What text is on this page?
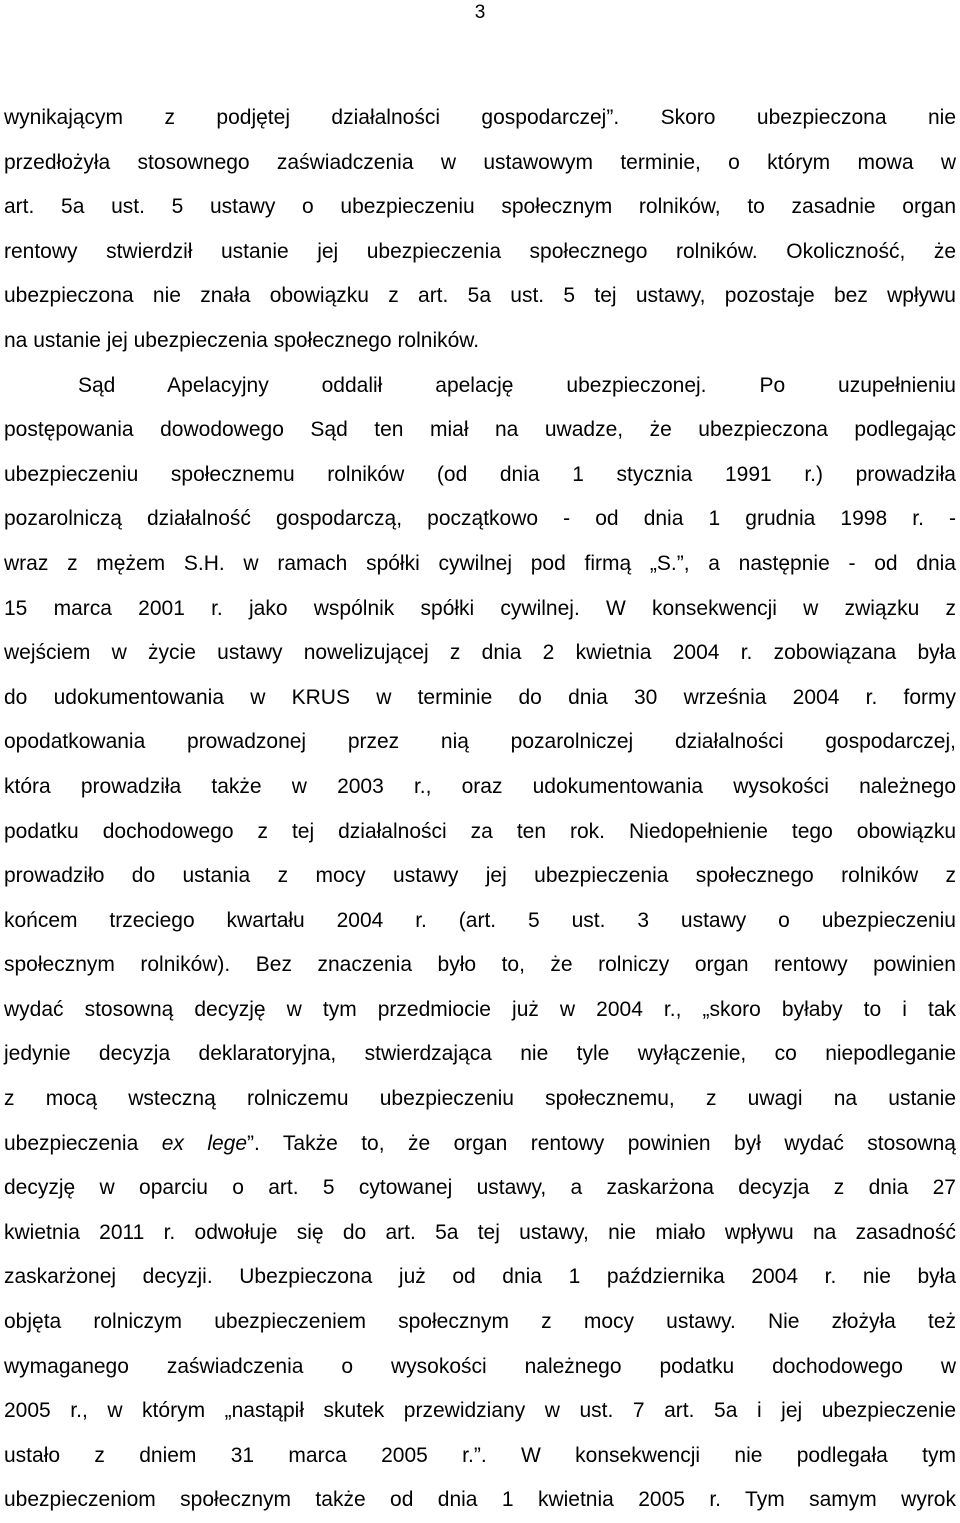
3
wynikającym z podjętej działalności gospodarczej”. Skoro ubezpieczona nie
przedłożyła stosownego zaświadczenia w ustawowym terminie, o którym mowa w
art. 5a ust. 5 ustawy o ubezpieczeniu społecznym rolników, to zasadnie organ
rentowy stwierdził ustanie jej ubezpieczenia społecznego rolników. Okoliczność, że
ubezpieczona nie znała obowiązku z art. 5a ust. 5 tej ustawy, pozostaje bez wpływu
na ustanie jej ubezpieczenia społecznego rolników.
Sąd Apelacyjny oddalił apelację ubezpieczonej. Po uzupełnieniu
postępowania dowodowego Sąd ten miał na uwadze, że ubezpieczona podlegając
ubezpieczeniu społecznemu rolników (od dnia 1 stycznia 1991 r.) prowadziła
pozarolniczą działalność gospodarczą, początkowo - od dnia 1 grudnia 1998 r. -
wraz z mężem S.H. w ramach spółki cywilnej pod firmą „S.”, a następnie - od dnia
15 marca 2001 r. jako wspólnik spółki cywilnej. W konsekwencji w związku z
wejściem w życie ustawy nowelizującej z dnia 2 kwietnia 2004 r. zobowiązana była
do udokumentowania w KRUS w terminie do dnia 30 września 2004 r. formy
opodatkowania prowadzonej przez nią pozarolniczej działalności gospodarczej,
która prowadziła także w 2003 r., oraz udokumentowania wysokości należnego
podatku dochodowego z tej działalności za ten rok. Niedopełnienie tego obowiązku
prowadziło do ustania z mocy ustawy jej ubezpieczenia społecznego rolników z
końcem trzeciego kwartału 2004 r. (art. 5 ust. 3 ustawy o ubezpieczeniu
społecznym rolników). Bez znaczenia było to, że rolniczy organ rentowy powinien
wydać stosowną decyzję w tym przedmiocie już w 2004 r., „skoro byłaby to i tak
jedynie decyzja deklaratoryjna, stwierdzająca nie tyle wyłączenie, co niepodleganie
z mocą wsteczną rolniczemu ubezpieczeniu społecznemu, z uwagi na ustanie
ubezpieczenia ex lege”. Także to, że organ rentowy powinien był wydać stosowną
decyzję w oparciu o art. 5 cytowanej ustawy, a zaskarżona decyzja z dnia 27
kwietnia 2011 r. odwołuje się do art. 5a tej ustawy, nie miało wpływu na zasadność
zaskarżonej decyzji. Ubezpieczona już od dnia 1 października 2004 r. nie była
objęta rolniczym ubezpieczeniem społecznym z mocy ustawy. Nie złożyła też
wymaganego zaświadczenia o wysokości należnego podatku dochodowego w
2005 r., w którym „nastąpił skutek przewidziany w ust. 7 art. 5a i jej ubezpieczenie
ustało z dniem 31 marca 2005 r.”. W konsekwencji nie podlegała tym
ubezpieczeniom społecznym także od dnia 1 kwietnia 2005 r. Tym samym wyrok
